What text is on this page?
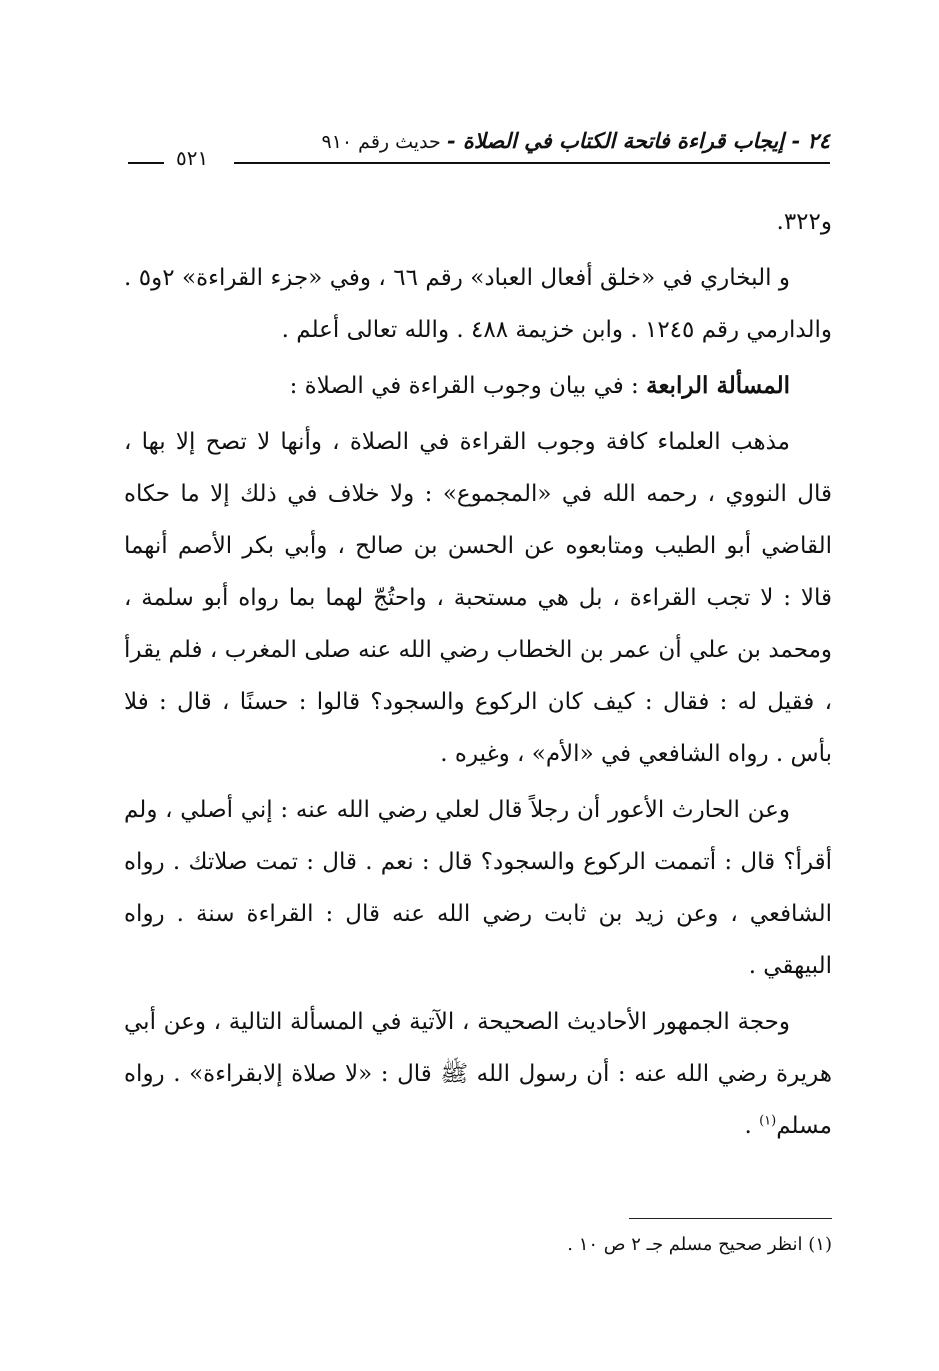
٢٤ - إيجاب قراءة فاتحة الكتاب في الصلاة - حديث رقم ٩١٠
٥٢١

و٣٢٢.

و البخاري في «خلق أفعال العباد» رقم ٦٦ ، وفي «جزء القراءة» ٢و٥ . والدارمي رقم ١٢٤٥ . وابن خزيمة ٤٨٨ . والله تعالى أعلم .

المسألة الرابعة : في بيان وجوب القراءة في الصلاة :

مذهب العلماء كافة وجوب القراءة في الصلاة ، وأنها لا تصح إلا بها ، قال النووي ، رحمه الله في «المجموع» : ولا خلاف في ذلك إلا ما حكاه القاضي أبو الطيب ومتابعوه عن الحسن بن صالح ، وأبي بكر الأصم أنهما قالا : لا تجب القراءة ، بل هي مستحبة ، واحتُجّ لهما بما رواه أبو سلمة ، ومحمد بن علي أن عمر بن الخطاب رضي الله عنه صلى المغرب ، فلم يقرأ ، فقيل له : فقال : كيف كان الركوع والسجود؟ قالوا : حسنًا ، قال : فلا بأس . رواه الشافعي في «الأم» ، وغيره .

وعن الحارث الأعور أن رجلاً قال لعلي رضي الله عنه : إني أصلي ، ولم أقرأ؟ قال : أتممت الركوع والسجود؟ قال : نعم . قال : تمت صلاتك . رواه الشافعي ، وعن زيد بن ثابت رضي الله عنه قال : القراءة سنة . رواه البيهقي .

وحجة الجمهور الأحاديث الصحيحة ، الآتية في المسألة التالية ، وعن أبي هريرة رضي الله عنه : أن رسول الله ﷺ قال : «لا صلاة إلابقراءة» . رواه مسلم$^{(١)}$ .

(١) انظر صحيح مسلم جـ ٢ ص ١٠ .
